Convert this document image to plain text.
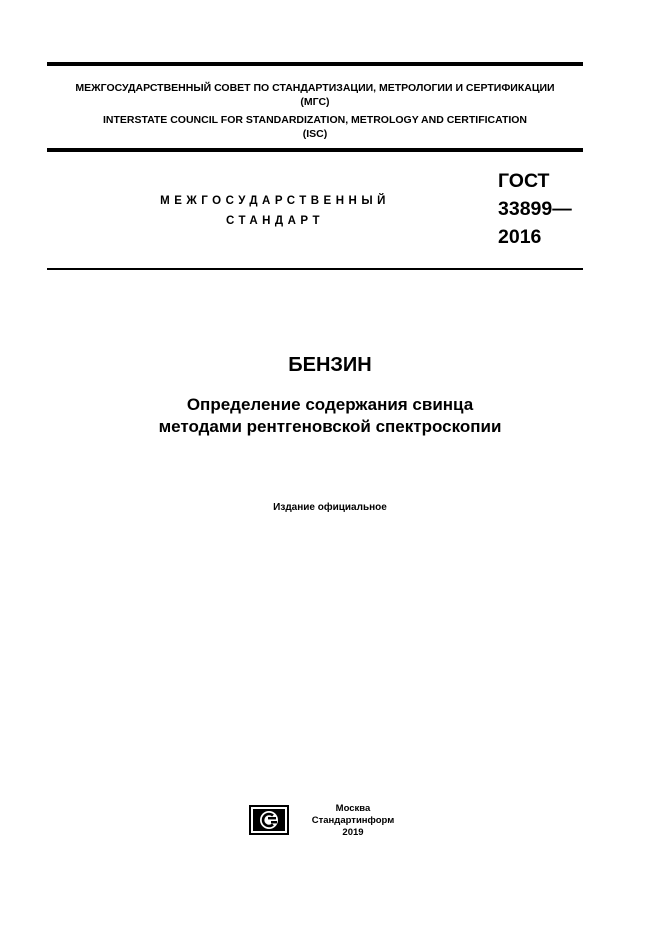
МЕЖГОСУДАРСТВЕННЫЙ СОВЕТ ПО СТАНДАРТИЗАЦИИ, МЕТРОЛОГИИ И СЕРТИФИКАЦИИ
(МГС)
INTERSTATE COUNCIL FOR STANDARDIZATION, METROLOGY AND CERTIFICATION
(ISC)
МЕЖГОСУДАРСТВЕННЫЙ
СТАНДАРТ
ГОСТ
33899—
2016
БЕНЗИН
Определение содержания свинца
методами рентгеновской спектроскопии
Издание официальное
Москва
Стандартинформ
2019
